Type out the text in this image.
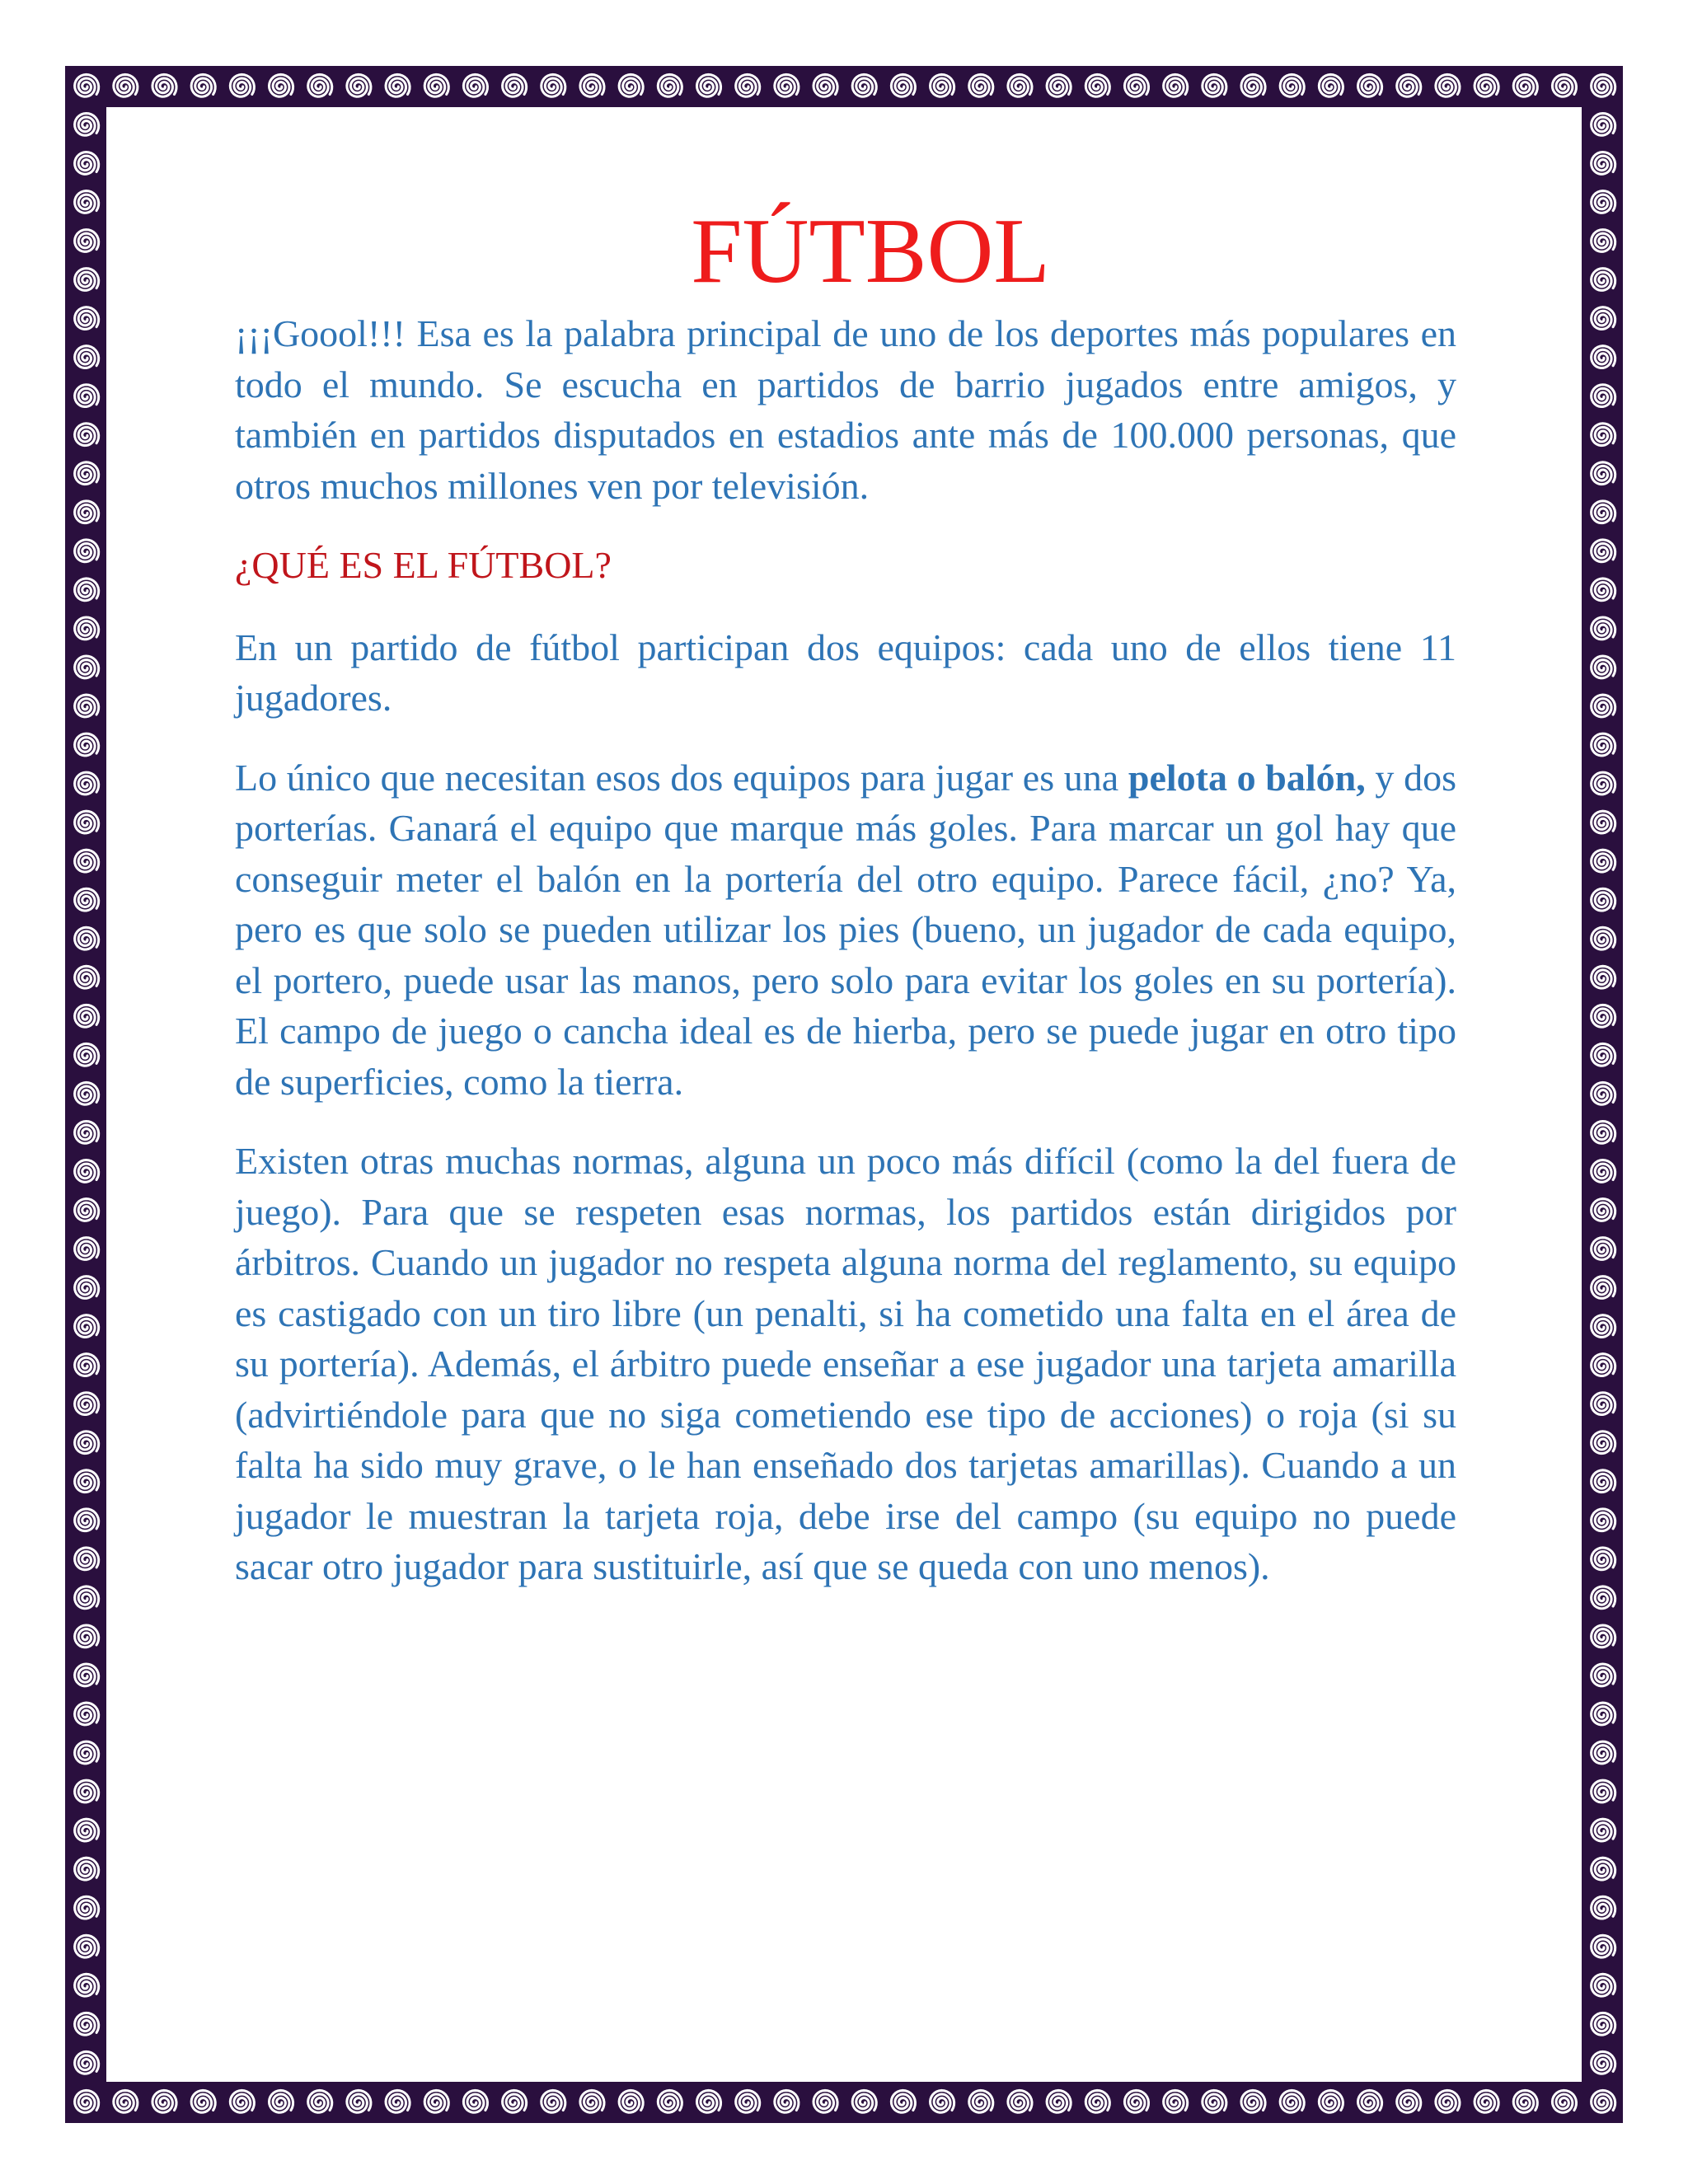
FÚTBOL

¡¡¡Goool!!! Esa es la palabra principal de uno de los deportes más populares en todo el mundo. Se escucha en partidos de barrio jugados entre amigos, y también en partidos disputados en estadios ante más de 100.000 personas, que otros muchos millones ven por televisión.

¿QUÉ ES EL FÚTBOL?

En un partido de fútbol participan dos equipos: cada uno de ellos tiene 11 jugadores.

Lo único que necesitan esos dos equipos para jugar es una pelota o balón, y dos porterías. Ganará el equipo que marque más goles. Para marcar un gol hay que conseguir meter el balón en la portería del otro equipo. Parece fácil, ¿no? Ya, pero es que solo se pueden utilizar los pies (bueno, un jugador de cada equipo, el portero, puede usar las manos, pero solo para evitar los goles en su portería). El campo de juego o cancha ideal es de hierba, pero se puede jugar en otro tipo de superficies, como la tierra.

Existen otras muchas normas, alguna un poco más difícil (como la del fuera de juego). Para que se respeten esas normas, los partidos están dirigidos por árbitros. Cuando un jugador no respeta alguna norma del reglamento, su equipo es castigado con un tiro libre (un penalti, si ha cometido una falta en el área de su portería). Además, el árbitro puede enseñar a ese jugador una tarjeta amarilla (advirtiéndole para que no siga cometiendo ese tipo de acciones) o roja (si su falta ha sido muy grave, o le han enseñado dos tarjetas amarillas). Cuando a un jugador le muestran la tarjeta roja, debe irse del campo (su equipo no puede sacar otro jugador para sustituirle, así que se queda con uno menos).
